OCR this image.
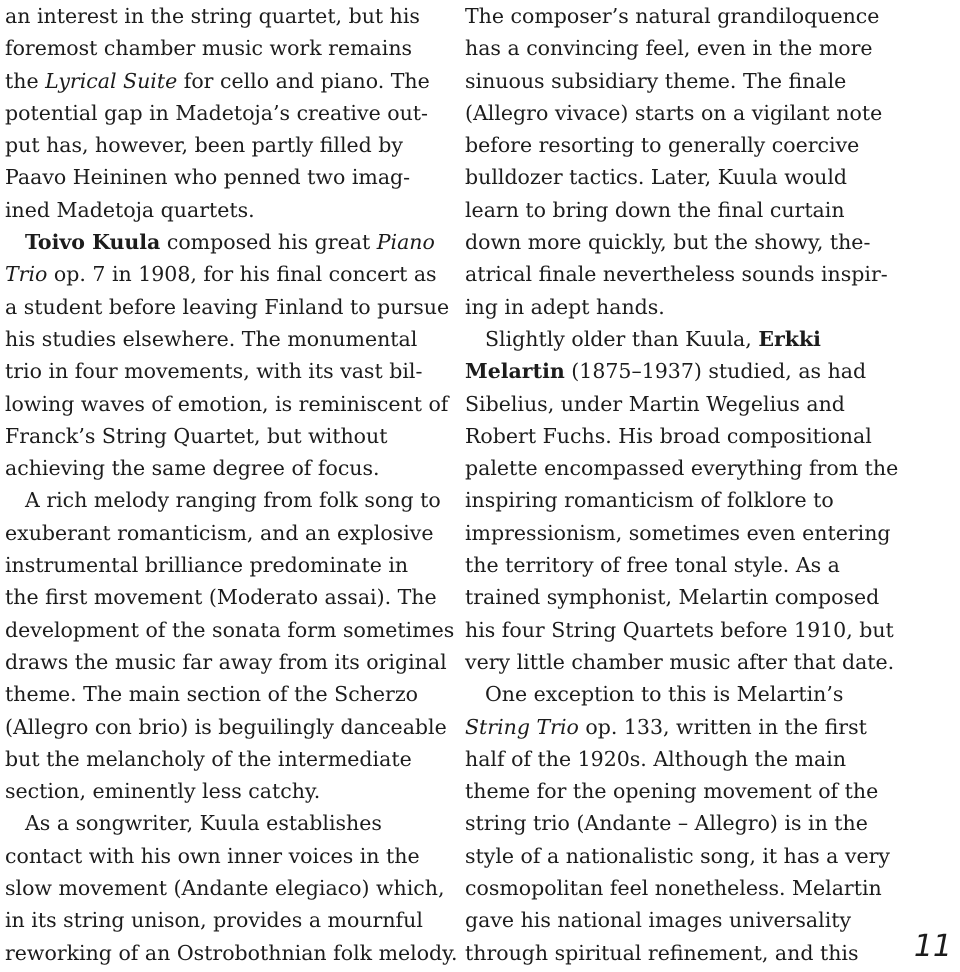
an interest in the string quartet, but his
foremost chamber music work remains
the Lyrical Suite for cello and piano. The
potential gap in Madetoja’s creative out-
put has, however, been partly filled by
Paavo Heininen who penned two imag-
ined Madetoja quartets.
Toivo Kuula composed his great Piano
Trio op. 7 in 1908, for his final concert as
a student before leaving Finland to pursue
his studies elsewhere. The monumental
trio in four movements, with its vast bil-
lowing waves of emotion, is reminiscent of
Franck’s String Quartet, but without
achieving the same degree of focus.
A rich melody ranging from folk song to
exuberant romanticism, and an explosive
instrumental brilliance predominate in
the first movement (Moderato assai). The
development of the sonata form sometimes
draws the music far away from its original
theme. The main section of the Scherzo
(Allegro con brio) is beguilingly danceable
but the melancholy of the intermediate
section, eminently less catchy.
As a songwriter, Kuula establishes
contact with his own inner voices in the
slow movement (Andante elegiaco) which,
in its string unison, provides a mournful
reworking of an Ostrobothnian folk melody.
The composer’s natural grandiloquence
has a convincing feel, even in the more
sinuous subsidiary theme. The finale
(Allegro vivace) starts on a vigilant note
before resorting to generally coercive
bulldozer tactics. Later, Kuula would
learn to bring down the final curtain
down more quickly, but the showy, the-
atrical finale nevertheless sounds inspir-
ing in adept hands.
Slightly older than Kuula, Erkki
Melartin (1875–1937) studied, as had
Sibelius, under Martin Wegelius and
Robert Fuchs. His broad compositional
palette encompassed everything from the
inspiring romanticism of folklore to
impressionism, sometimes even entering
the territory of free tonal style. As a
trained symphonist, Melartin composed
his four String Quartets before 1910, but
very little chamber music after that date.
One exception to this is Melartin’s
String Trio op. 133, written in the first
half of the 1920s. Although the main
theme for the opening movement of the
string trio (Andante – Allegro) is in the
style of a nationalistic song, it has a very
cosmopolitan feel nonetheless. Melartin
gave his national images universality
through spiritual refinement, and this	11
